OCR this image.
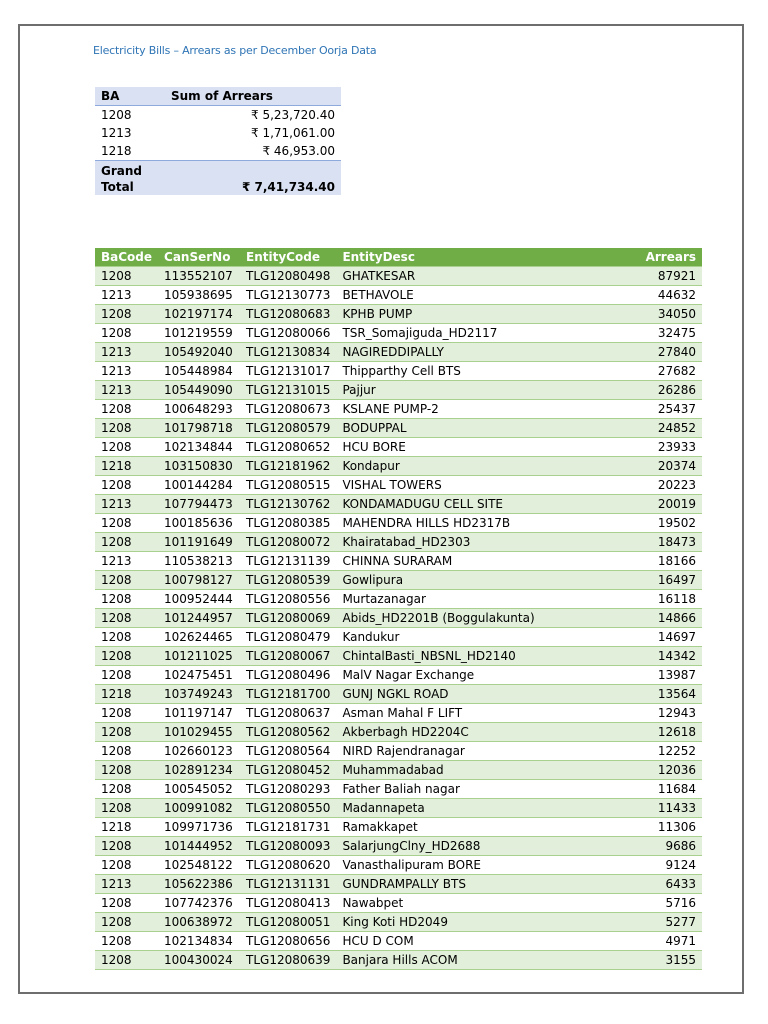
Electricity Bills – Arrears as per December Oorja Data
BA	Sum of Arrears
1208	₹ 5,23,720.40
1213	₹ 1,71,061.00
1218	₹ 46,953.00
Grand
Total	₹ 7,41,734.40
BaCode	CanSerNo	EntityCode	EntityDesc	Arrears
1208	113552107	TLG12080498	GHATKESAR	87921
1213	105938695	TLG12130773	BETHAVOLE	44632
1208	102197174	TLG12080683	KPHB PUMP	34050
1208	101219559	TLG12080066	TSR_Somajiguda_HD2117	32475
1213	105492040	TLG12130834	NAGIREDDIPALLY	27840
1213	105448984	TLG12131017	Thipparthy Cell BTS	27682
1213	105449090	TLG12131015	Pajjur	26286
1208	100648293	TLG12080673	KSLANE PUMP-2	25437
1208	101798718	TLG12080579	BODUPPAL	24852
1208	102134844	TLG12080652	HCU BORE	23933
1218	103150830	TLG12181962	Kondapur	20374
1208	100144284	TLG12080515	VISHAL TOWERS	20223
1213	107794473	TLG12130762	KONDAMADUGU CELL SITE	20019
1208	100185636	TLG12080385	MAHENDRA HILLS HD2317B	19502
1208	101191649	TLG12080072	Khairatabad_HD2303	18473
1213	110538213	TLG12131139	CHINNA SURARAM	18166
1208	100798127	TLG12080539	Gowlipura	16497
1208	100952444	TLG12080556	Murtazanagar	16118
1208	101244957	TLG12080069	Abids_HD2201B (Boggulakunta)	14866
1208	102624465	TLG12080479	Kandukur	14697
1208	101211025	TLG12080067	ChintalBasti_NBSNL_HD2140	14342
1208	102475451	TLG12080496	MalV Nagar Exchange	13987
1218	103749243	TLG12181700	GUNJ NGKL ROAD	13564
1208	101197147	TLG12080637	Asman Mahal F LIFT	12943
1208	101029455	TLG12080562	Akberbagh HD2204C	12618
1208	102660123	TLG12080564	NIRD Rajendranagar	12252
1208	102891234	TLG12080452	Muhammadabad	12036
1208	100545052	TLG12080293	Father Baliah nagar	11684
1208	100991082	TLG12080550	Madannapeta	11433
1218	109971736	TLG12181731	Ramakkapet	11306
1208	101444952	TLG12080093	SalarjungClny_HD2688	9686
1208	102548122	TLG12080620	Vanasthalipuram BORE	9124
1213	105622386	TLG12131131	GUNDRAMPALLY BTS	6433
1208	107742376	TLG12080413	Nawabpet	5716
1208	100638972	TLG12080051	King Koti HD2049	5277
1208	102134834	TLG12080656	HCU D COM	4971
1208	100430024	TLG12080639	Banjara Hills ACOM	3155
